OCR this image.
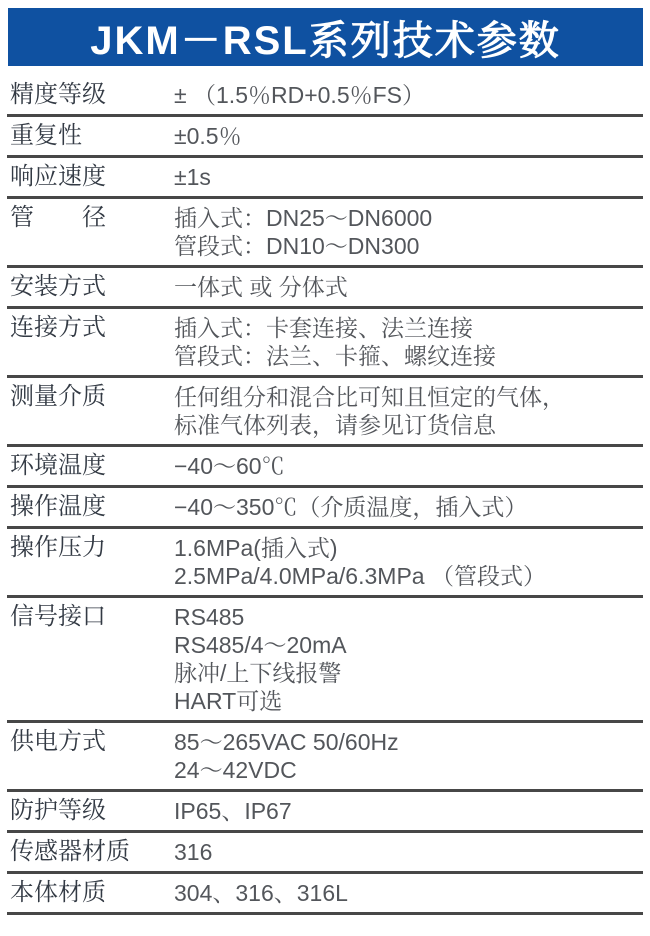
JKM－RSL系列技术参数
精度等级	± （1.5％RD+0.5％FS）

重复性	±0.5％

响应速度	±1s

管　　径	插入式：DN25～DN6000
管段式：DN10～DN300

安装方式	一体式 或 分体式

连接方式	插入式：卡套连接、法兰连接
管段式：法兰、卡箍、螺纹连接

测量介质	任何组分和混合比可知且恒定的气体，
标准气体列表，请参见订货信息

环境温度	−40～60℃

操作温度	−40～350℃（介质温度，插入式）

操作压力	1.6MPa(插入式)
2.5MPa/4.0MPa/6.3MPa （管段式）

信号接口	RS485
RS485/4～20mA
脉冲/上下线报警
HART可选

供电方式	85～265VAC 50/60Hz
24～42VDC

防护等级	IP65、IP67

传感器材质	316

本体材质	304、316、316L
